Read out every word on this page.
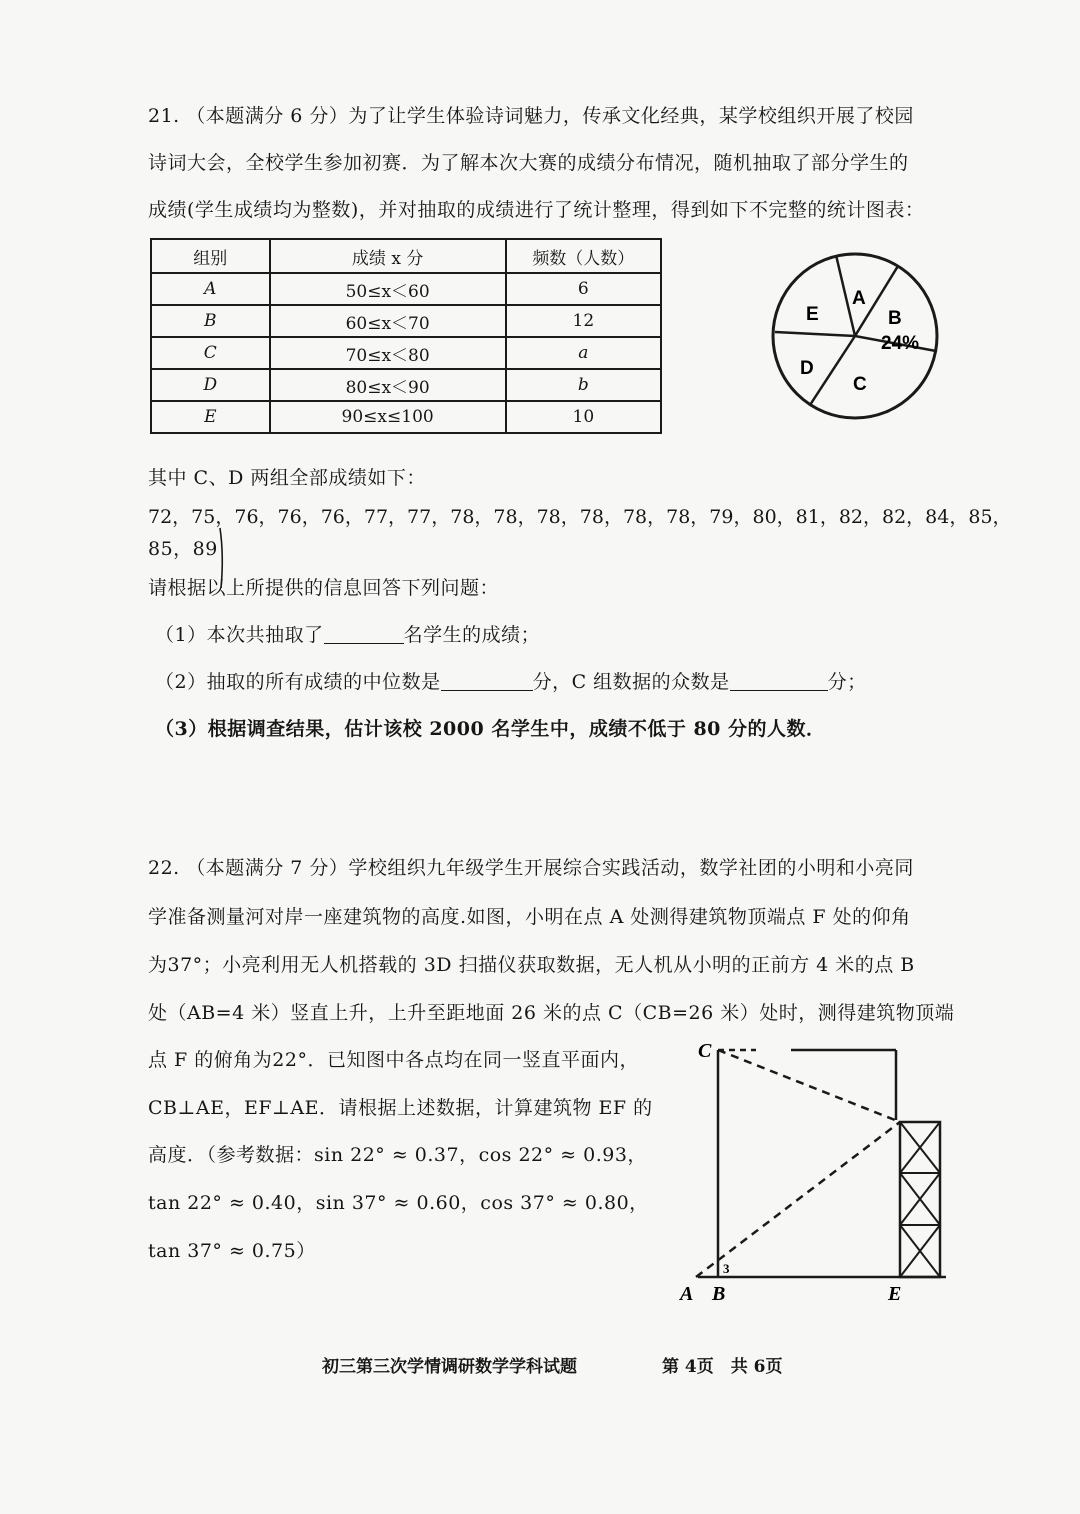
21. （本题满分 6 分）为了让学生体验诗词魅力，传承文化经典，某学校组织开展了校园
诗词大会，全校学生参加初赛．为了解本次大赛的成绩分布情况，随机抽取了部分学生的
成绩(学生成绩均为整数)，并对抽取的成绩进行了统计整理，得到如下不完整的统计图表：
组别	成绩 x 分	频数（人数）
A	50≤x＜60	6
B	60≤x＜70	12
C	70≤x＜80	a
D	80≤x＜90	b
E	90≤x≤100	10
A
B
24%
C
D
E
其中 C、D 两组全部成绩如下：
72，75，76，76，76，77，77，78，78，78，78，78，78，79，80，81，82，82，84，85，
85，89
请根据以上所提供的信息回答下列问题：
（1）本次共抽取了	名学生的成绩；
（2）抽取的所有成绩的中位数是	分，C 组数据的众数是	分；
（3）根据调查结果，估计该校 2000 名学生中，成绩不低于 80 分的人数．
22. （本题满分 7 分）学校组织九年级学生开展综合实践活动，数学社团的小明和小亮同
学准备测量河对岸一座建筑物的高度.如图，小明在点 A 处测得建筑物顶端点 F 处的仰角
为37°；小亮利用无人机搭载的 3D 扫描仪获取数据，无人机从小明的正前方 4 米的点 B
处（AB=4 米）竖直上升，上升至距地面 26 米的点 C（CB=26 米）处时，测得建筑物顶端
点 F 的俯角为22°．已知图中各点均在同一竖直平面内，
CB⊥AE，EF⊥AE．请根据上述数据，计算建筑物 EF 的
高度．（参考数据：sin 22° ≈ 0.37，cos 22° ≈ 0.93，
tan 22° ≈ 0.40，sin 37° ≈ 0.60，cos 37° ≈ 0.80，
tan 37° ≈ 0.75）
C
A B	E
3
初三第三次学情调研数学学科试题	第 4页　共 6页
